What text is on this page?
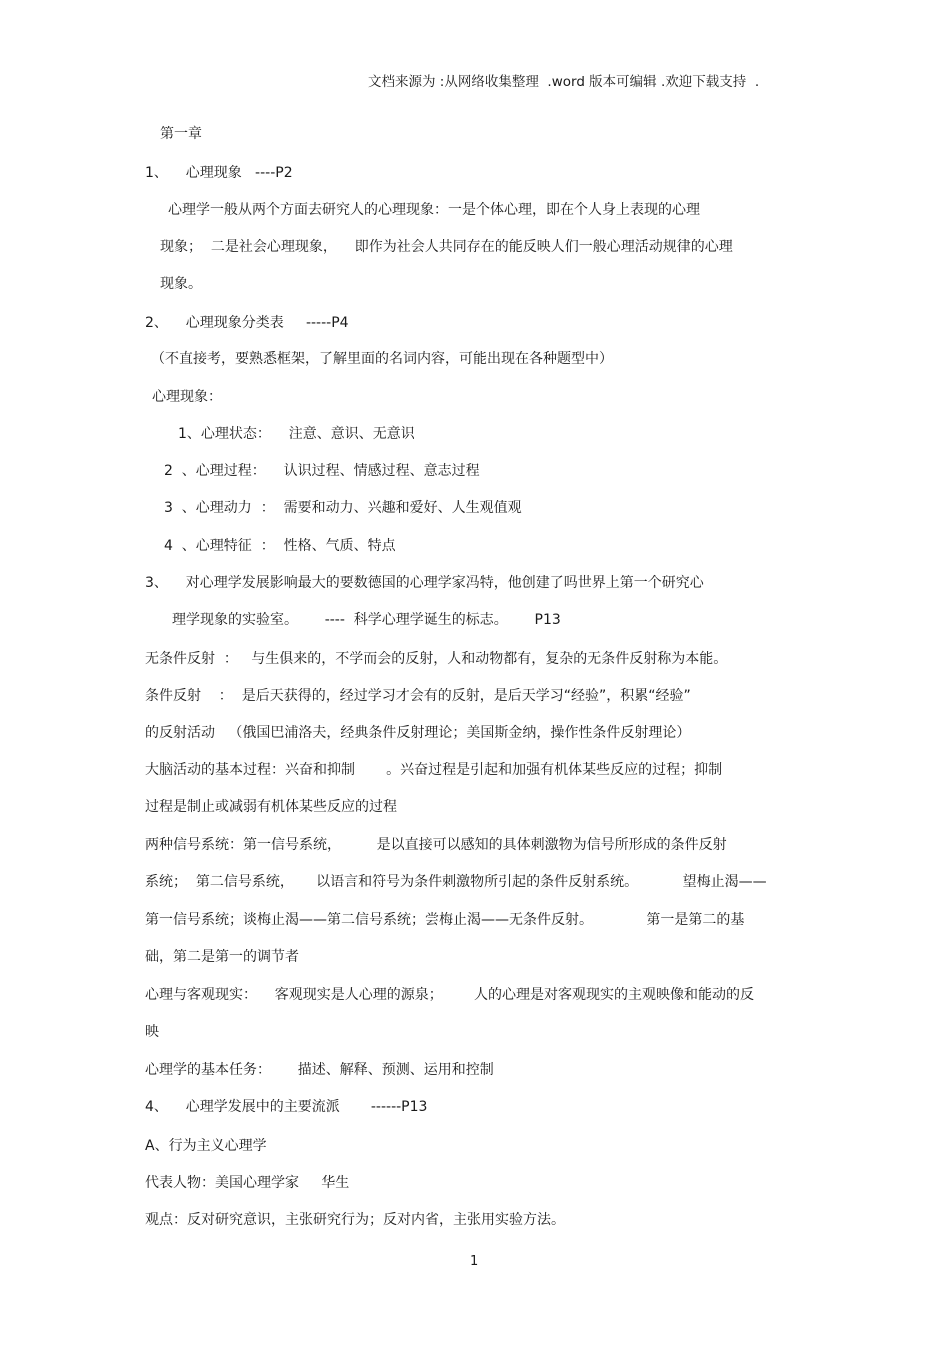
文档来源为 :从网络收集整理  .word 版本可编辑 .欢迎下载支持  .
第一章
1、    心理现象   ----P2
心理学一般从两个方面去研究人的心理现象：一是个体心理，即在个人身上表现的心理
现象；  二是社会心理现象，    即作为社会人共同存在的能反映人们一般心理活动规律的心理
现象。
2、    心理现象分类表     -----P4
（不直接考，要熟悉框架，了解里面的名词内容，可能出现在各种题型中）
心理现象：
1、心理状态：    注意、意识、无意识
2  、心理过程：    认识过程、情感过程、意志过程
3  、心理动力  ：  需要和动力、兴趣和爱好、人生观值观
4  、心理特征  ：  性格、气质、特点
3、    对心理学发展影响最大的要数德国的心理学家冯特，他创建了吗世界上第一个研究心
理学现象的实验室。      ----  科学心理学诞生的标志。      P13
无条件反射  ：   与生俱来的，不学而会的反射，人和动物都有，复杂的无条件反射称为本能。
条件反射    ：  是后天获得的，经过学习才会有的反射，是后天学习“经验”，积累“经验”
的反射活动   （俄国巴浦洛夫，经典条件反射理论；美国斯金纳，操作性条件反射理论）
大脑活动的基本过程：兴奋和抑制       。兴奋过程是引起和加强有机体某些反应的过程；抑制
过程是制止或减弱有机体某些反应的过程
两种信号系统：第一信号系统，        是以直接可以感知的具体刺激物为信号所形成的条件反射
系统；  第二信号系统，     以语言和符号为条件刺激物所引起的条件反射系统。          望梅止渴——
第一信号系统；谈梅止渴——第二信号系统；尝梅止渴——无条件反射。            第一是第二的基
础，第二是第一的调节者
心理与客观现实：    客观现实是人心理的源泉；       人的心理是对客观现实的主观映像和能动的反
映
心理学的基本任务：      描述、解释、预测、运用和控制
4、    心理学发展中的主要流派       ------P13
A、行为主义心理学
代表人物：美国心理学家     华生
观点：反对研究意识，主张研究行为；反对内省，主张用实验方法。
1
